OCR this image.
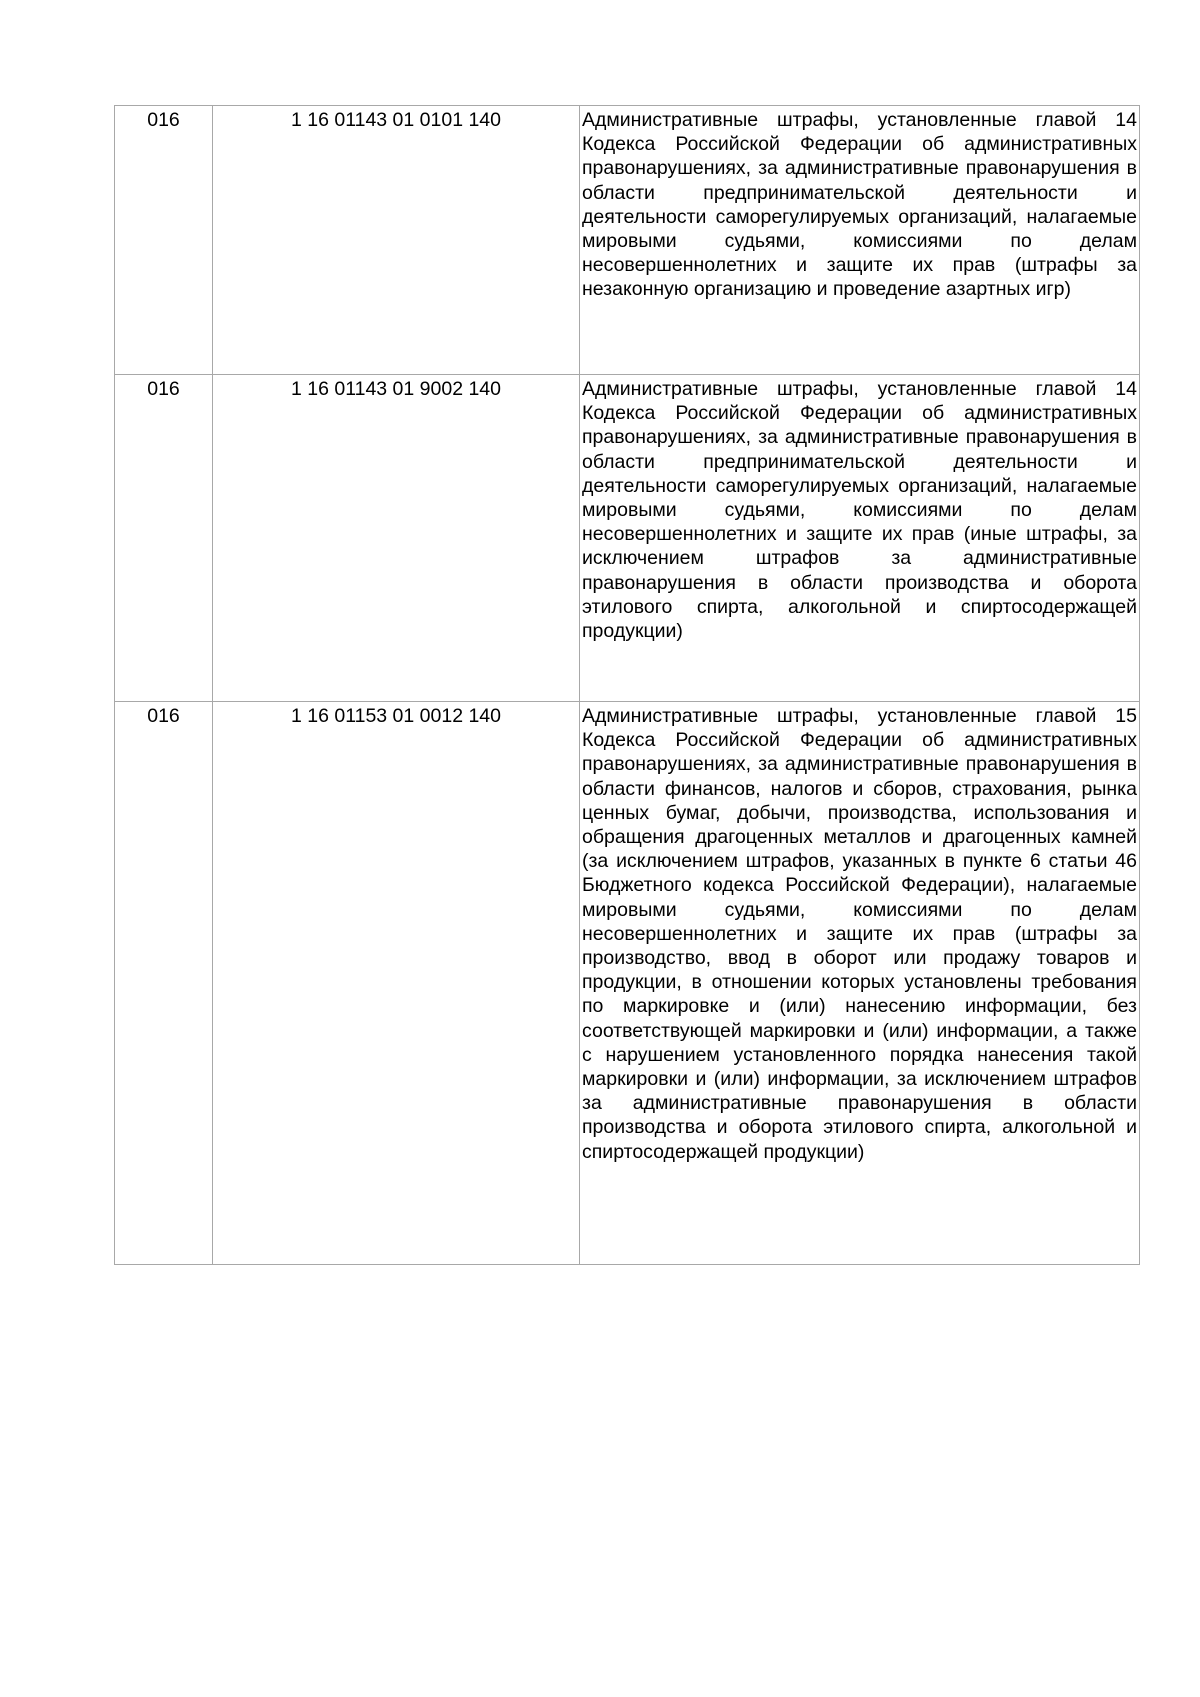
016	1 16 01143 01 0101 140	Административные штрафы, установленные главой 14 Кодекса Российской Федерации об административных правонарушениях, за административные правонарушения в области предпринимательской деятельности и деятельности саморегулируемых организаций, налагаемые мировыми судьями, комиссиями по делам несовершеннолетних и защите их прав (штрафы за незаконную организацию и проведение азартных игр)

016	1 16 01143 01 9002 140	Административные штрафы, установленные главой 14 Кодекса Российской Федерации об административных правонарушениях, за административные правонарушения в области предпринимательской деятельности и деятельности саморегулируемых организаций, налагаемые мировыми судьями, комиссиями по делам несовершеннолетних и защите их прав (иные штрафы, за исключением штрафов за административные правонарушения в области производства и оборота этилового спирта, алкогольной и спиртосодержащей продукции)

016	1 16 01153 01 0012 140	Административные штрафы, установленные главой 15 Кодекса Российской Федерации об административных правонарушениях, за административные правонарушения в области финансов, налогов и сборов, страхования, рынка ценных бумаг, добычи, производства, использования и обращения драгоценных металлов и драгоценных камней (за исключением штрафов, указанных в пункте 6 статьи 46 Бюджетного кодекса Российской Федерации), налагаемые мировыми судьями, комиссиями по делам несовершеннолетних и защите их прав (штрафы за производство, ввод в оборот или продажу товаров и продукции, в отношении которых установлены требования по маркировке и (или) нанесению информации, без соответствующей маркировки и (или) информации, а также с нарушением установленного порядка нанесения такой маркировки и (или) информации, за исключением штрафов за административные правонарушения в области производства и оборота этилового спирта, алкогольной и спиртосодержащей продукции)
